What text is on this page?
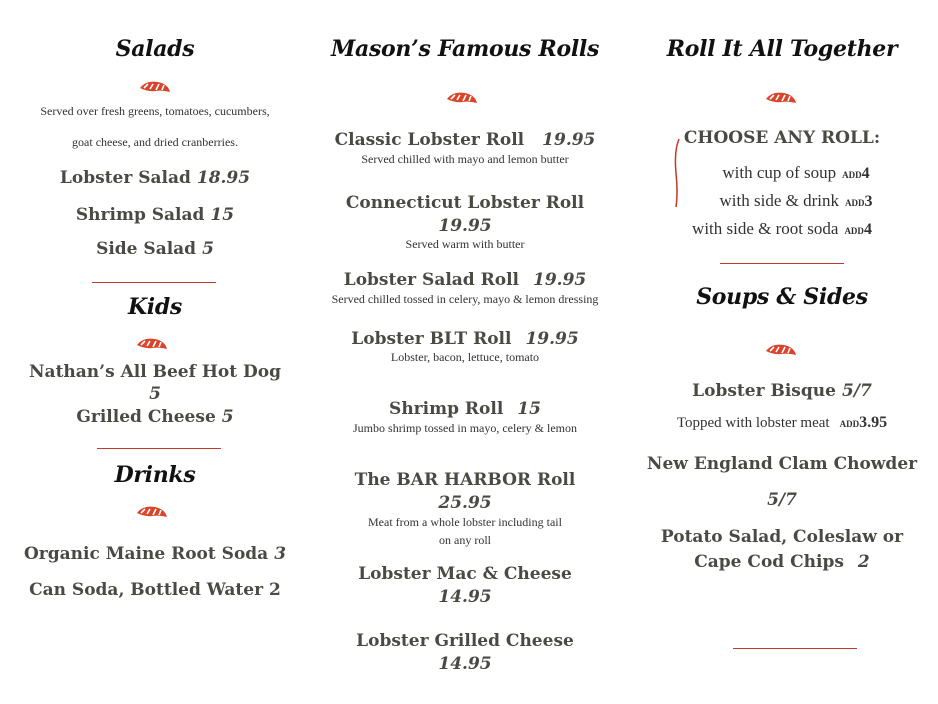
Salads
Served over fresh greens, tomatoes, cucumbers,
goat cheese, and dried cranberries.
Lobster Salad 18.95
Shrimp Salad 15
Side Salad 5
Kids
Nathan’s All Beef Hot Dog
5
Grilled Cheese 5
Drinks
Organic Maine Root Soda 3
Can Soda, Bottled Water 2
Mason’s Famous Rolls
Classic Lobster Roll 19.95
Served chilled with mayo and lemon butter
Connecticut Lobster Roll
19.95
Served warm with butter
Lobster Salad Roll 19.95
Served chilled tossed in celery, mayo & lemon dressing
Lobster BLT Roll 19.95
Lobster, bacon, lettuce, tomato
Shrimp Roll 15
Jumbo shrimp tossed in mayo, celery & lemon
The BAR HARBOR Roll
25.95
Meat from a whole lobster including tail
on any roll
Lobster Mac & Cheese
14.95
Lobster Grilled Cheese
14.95
Roll It All Together
CHOOSE ANY ROLL:
with cup of soup ADD4
with side & drink ADD3
with side & root soda ADD4
Soups & Sides
Lobster Bisque 5/7
Topped with lobster meat ADD3.95
New England Clam Chowder
5/7
Potato Salad, Coleslaw or
Cape Cod Chips 2
